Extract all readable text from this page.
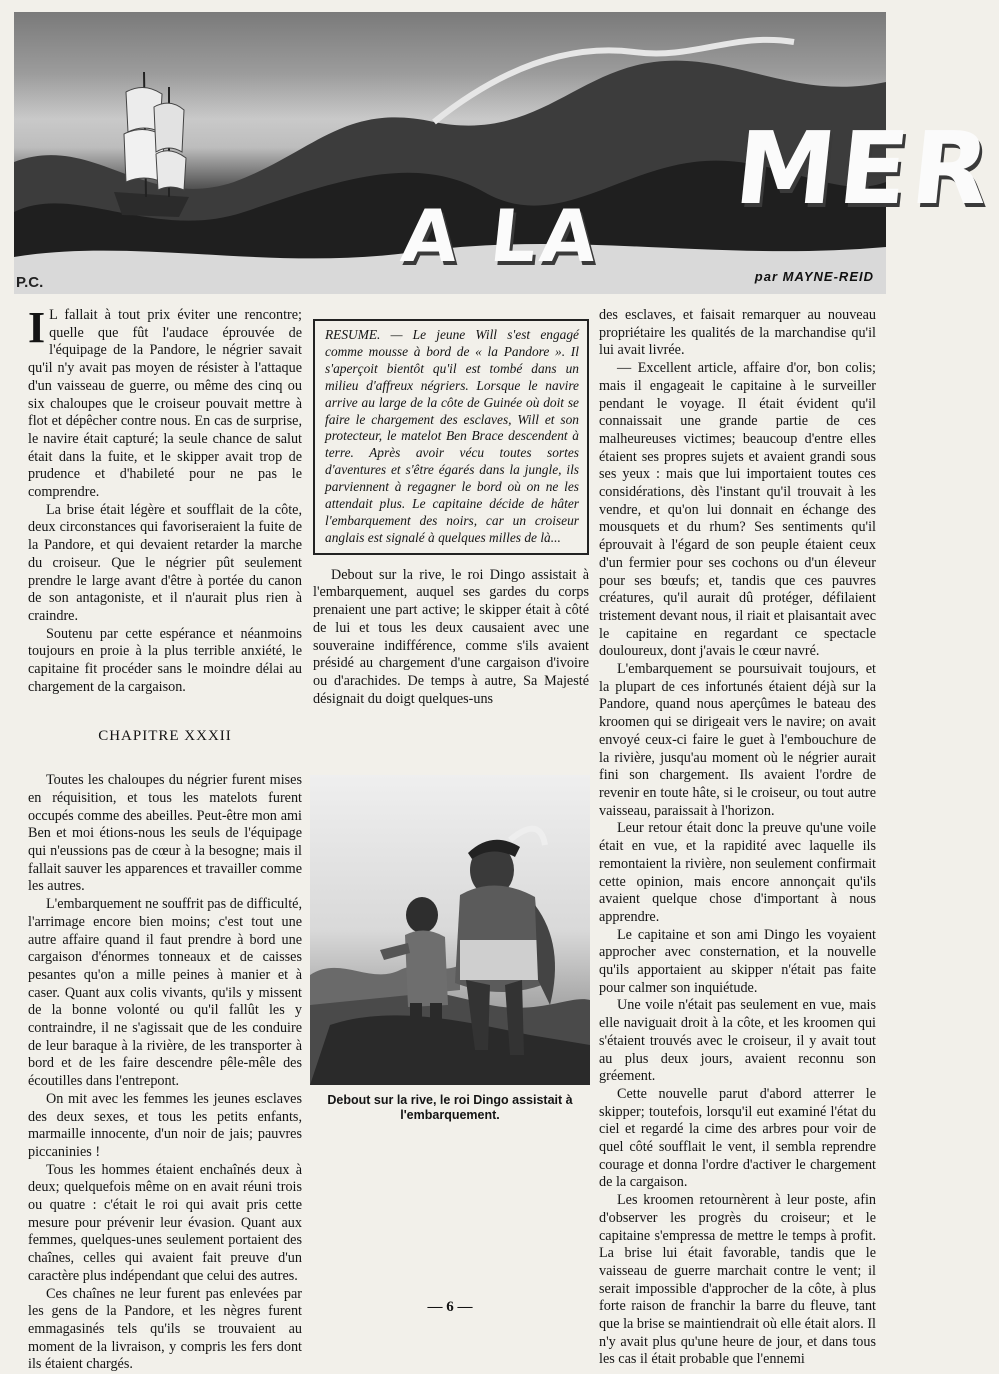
A LA
MER
P.C.	par MAYNE-REID

I L fallait à tout prix éviter une rencontre; quelle que fût l'audace éprouvée de l'équipage de la Pandore, le négrier savait qu'il n'y avait pas moyen de résister à l'attaque d'un vaisseau de guerre, ou même des cinq ou six chaloupes que le croiseur pouvait mettre à flot et dépêcher contre nous. En cas de surprise, le navire était capturé; la seule chance de salut était dans la fuite, et le skipper avait trop de prudence et d'habileté pour ne pas le comprendre.

La brise était légère et soufflait de la côte, deux circonstances qui favoriseraient la fuite de la Pandore, et qui devaient retarder la marche du croiseur. Que le négrier pût seulement prendre le large avant d'être à portée du canon de son antagoniste, et il n'aurait plus rien à craindre.

Soutenu par cette espérance et néanmoins toujours en proie à la plus terrible anxiété, le capitaine fit procéder sans le moindre délai au chargement de la cargaison.

CHAPITRE XXXII

Toutes les chaloupes du négrier furent mises en réquisition, et tous les matelots furent occupés comme des abeilles. Peut-être mon ami Ben et moi étions-nous les seuls de l'équipage qui n'eussions pas de cœur à la besogne; mais il fallait sauver les apparences et travailler comme les autres.

L'embarquement ne souffrit pas de difficulté, l'arrimage encore bien moins; c'est tout une autre affaire quand il faut prendre à bord une cargaison d'énormes tonneaux et de caisses pesantes qu'on a mille peines à manier et à caser. Quant aux colis vivants, qu'ils y missent de la bonne volonté ou qu'il fallût les y contraindre, il ne s'agissait que de les conduire de leur baraque à la rivière, de les transporter à bord et de les faire descendre pêle-mêle des écoutilles dans l'entrepont.

On mit avec les femmes les jeunes esclaves des deux sexes, et tous les petits enfants, marmaille innocente, d'un noir de jais; pauvres piccaninies !

Tous les hommes étaient enchaînés deux à deux; quelquefois même on en avait réuni trois ou quatre : c'était le roi qui avait pris cette mesure pour prévenir leur évasion. Quant aux femmes, quelques-unes seulement portaient des chaînes, celles qui avaient fait preuve d'un caractère plus indépendant que celui des autres.

Ces chaînes ne leur furent pas enlevées par les gens de la Pandore, et les nègres furent emmagasinés tels qu'ils se trouvaient au moment de la livraison, y compris les fers dont ils étaient chargés.

RESUME. — Le jeune Will s'est engagé comme mousse à bord de « la Pandore ». Il s'aperçoit bientôt qu'il est tombé dans un milieu d'affreux négriers. Lorsque le navire arrive au large de la côte de Guinée où doit se faire le chargement des esclaves, Will et son protecteur, le matelot Ben Brace descendent à terre. Après avoir vécu toutes sortes d'aventures et s'être égarés dans la jungle, ils parviennent à regagner le bord où on ne les attendait plus. Le capitaine décide de hâter l'embarquement des noirs, car un croiseur anglais est signalé à quelques milles de là...

Debout sur la rive, le roi Dingo assistait à l'embarquement, auquel ses gardes du corps prenaient une part active; le skipper était à côté de lui et tous les deux causaient avec une souveraine indifférence, comme s'ils avaient présidé au chargement d'une cargaison d'ivoire ou d'arachides. De temps à autre, Sa Majesté désignait du doigt quelques-uns

Debout sur la rive, le roi Dingo assistait à l'embarquement.

des esclaves, et faisait remarquer au nouveau propriétaire les qualités de la marchandise qu'il lui avait livrée.

— Excellent article, affaire d'or, bon colis; mais il engageait le capitaine à le surveiller pendant le voyage. Il était évident qu'il connaissait une grande partie de ces malheureuses victimes; beaucoup d'entre elles étaient ses propres sujets et avaient grandi sous ses yeux : mais que lui importaient toutes ces considérations, dès l'instant qu'il trouvait à les vendre, et qu'on lui donnait en échange des mousquets et du rhum? Ses sentiments qu'il éprouvait à l'égard de son peuple étaient ceux d'un fermier pour ses cochons ou d'un éleveur pour ses bœufs; et, tandis que ces pauvres créatures, qu'il aurait dû protéger, défilaient tristement devant nous, il riait et plaisantait avec le capitaine en regardant ce spectacle douloureux, dont j'avais le cœur navré.

L'embarquement se poursuivait toujours, et la plupart de ces infortunés étaient déjà sur la Pandore, quand nous aperçûmes le bateau des kroomen qui se dirigeait vers le navire; on avait envoyé ceux-ci faire le guet à l'embouchure de la rivière, jusqu'au moment où le négrier aurait fini son chargement. Ils avaient l'ordre de revenir en toute hâte, si le croiseur, ou tout autre vaisseau, paraissait à l'horizon.

Leur retour était donc la preuve qu'une voile était en vue, et la rapidité avec laquelle ils remontaient la rivière, non seulement confirmait cette opinion, mais encore annonçait qu'ils avaient quelque chose d'important à nous apprendre.

Le capitaine et son ami Dingo les voyaient approcher avec consternation, et la nouvelle qu'ils apportaient au skipper n'était pas faite pour calmer son inquiétude.

Une voile n'était pas seulement en vue, mais elle naviguait droit à la côte, et les kroomen qui s'étaient trouvés avec le croiseur, il y avait tout au plus deux jours, avaient reconnu son gréement.

Cette nouvelle parut d'abord atterrer le skipper; toutefois, lorsqu'il eut examiné l'état du ciel et regardé la cime des arbres pour voir de quel côté soufflait le vent, il sembla reprendre courage et donna l'ordre d'activer le chargement de la cargaison.

Les kroomen retournèrent à leur poste, afin d'observer les progrès du croiseur; et le capitaine s'empressa de mettre le temps à profit. La brise lui était favorable, tandis que le vaisseau de guerre marchait contre le vent; il serait impossible d'approcher de la côte, à plus forte raison de franchir la barre du fleuve, tant que la brise se maintiendrait où elle était alors. Il n'y avait plus qu'une heure de jour, et dans tous les cas il était probable que l'ennemi

— 6 —
